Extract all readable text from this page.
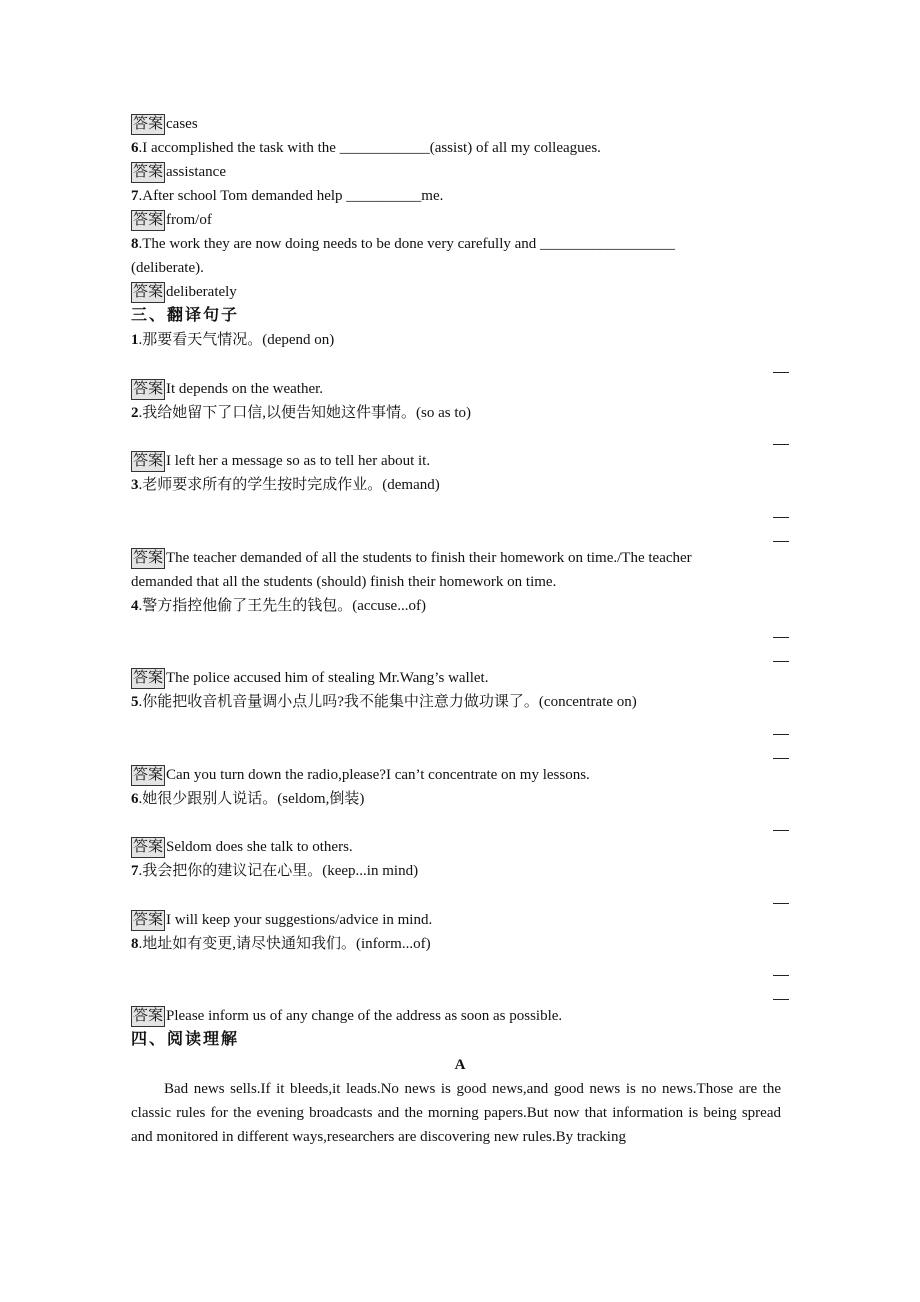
答案 cases
6.I accomplished the task with the ____________(assist) of all my colleagues.
答案 assistance
7.After school Tom demanded help __________me.
答案 from/of
8.The work they are now doing needs to be done very carefully and __________________
(deliberate).
答案 deliberately
三、翻译句子
1.那要看天气情况。(depend on)
答案 It depends on the weather.
2.我给她留下了口信,以便告知她这件事情。(so as to)
答案 I left her a message so as to tell her about it.
3.老师要求所有的学生按时完成作业。(demand)
答案 The teacher demanded of all the students to finish their homework on time./The teacher
demanded that all the students (should) finish their homework on time.
4.警方指控他偷了王先生的钱包。(accuse...of)
答案 The police accused him of stealing Mr.Wang’s wallet.
5.你能把收音机音量调小点儿吗?我不能集中注意力做功课了。(concentrate on)
答案 Can you turn down the radio,please?I can’t concentrate on my lessons.
6.她很少跟别人说话。(seldom,倒装)
答案 Seldom does she talk to others.
7.我会把你的建议记在心里。(keep...in mind)
答案 I will keep your suggestions/advice in mind.
8.地址如有变更,请尽快通知我们。(inform...of)
答案 Please inform us of any change of the address as soon as possible.
四、阅读理解
A
Bad news sells.If it bleeds,it leads.No news is good news,and good news is no news.Those are the classic rules for the evening broadcasts and the morning papers.But now that information is being spread and monitored in different ways,researchers are discovering new rules.By tracking
